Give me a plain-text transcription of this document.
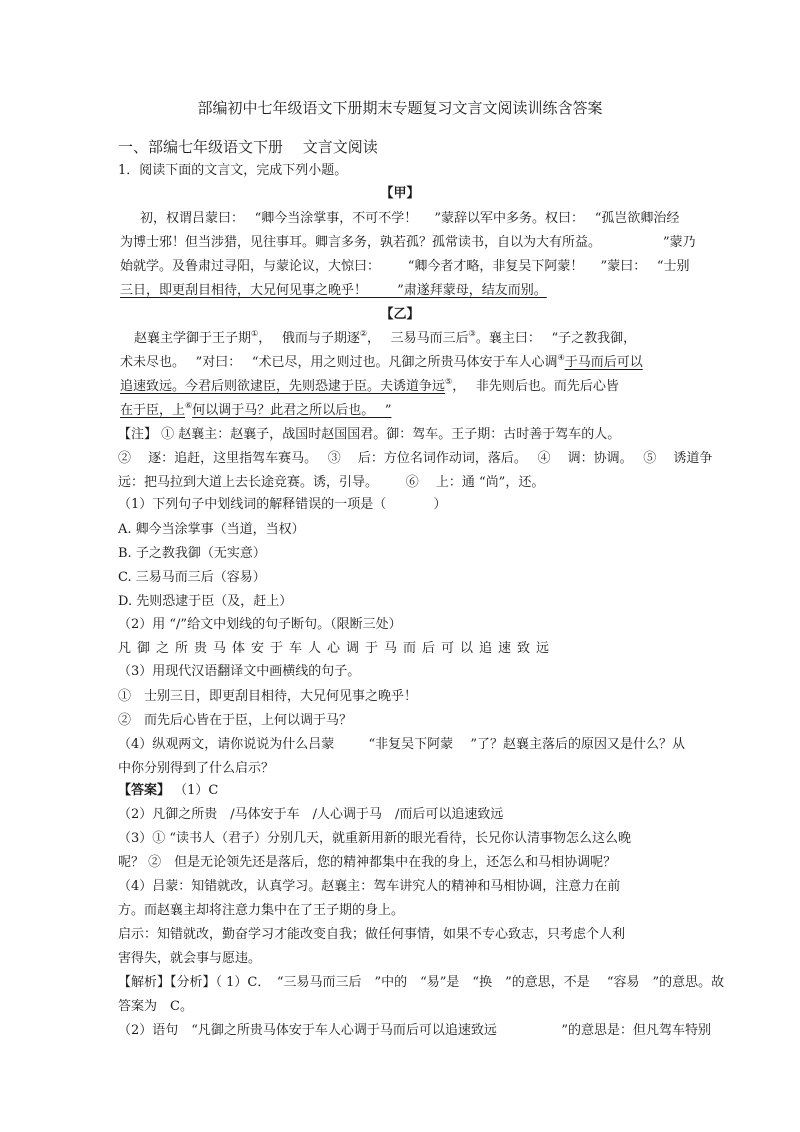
部编初中七年级语文下册期末专题复习文言文阅读训练含答案
一、部编七年级语文下册　 文言文阅读
1．阅读下面的文言文，完成下列小题。
【甲】
初，权谓吕蒙曰：　 “卿今当涂掌事，不可不学！　 ”蒙辞以军中多务。权曰：　 “孤岂欲卿治经
为博士邪！但当涉猎，见往事耳。卿言多务，孰若孤？孤常读书，自以为大有所益。　 　 　 　 ”蒙乃
始就学。及鲁肃过寻阳，与蒙论议，大惊曰：　 　 “卿今者才略，非复吴下阿蒙！　 ”蒙曰：　 “士别
三日，即更刮目相待，大兄何见事之晚乎！　　 ”肃遂拜蒙母，结友而别。
【乙】
赵襄主学御于王子期①，　 俄而与子期逐②，　 三易马而三后③。襄主曰：　 “子之教我御，
术未尽也。　 ”对曰：　 “术已尽，用之则过也。凡御之所贵马体安于车人心调④于马而后可以
追速致远。今君后则欲逮臣，先则恐逮于臣。夫诱道争远⑤，　 非先则后也。而先后心皆
在于臣，上⑥何以调于马？此君之所以后也。　 ”
【注】 ① 赵襄主：赵襄子，战国时赵国国君。御：驾车。王子期：古时善于驾车的人。
②　 逐：追赶，这里指驾车赛马。　 ③　 后：方位名词作动词，落后。　 ④　 调：协调。　 ⑤　 诱道争
远：把马拉到大道上去长途竞赛。诱，引导。　 　 ⑥　 上：通 “尚”，还。
（1）下列句子中划线词的解释错误的一项是（　　 　 ）
A. 卿今当涂掌事（当道，当权）
B. 子之教我御（无实意）
C. 三易马而三后（容易）
D. 先则恐逮于臣（及，赶上）
（2）用 “/”给文中划线的句子断句。（限断三处）
凡御之所贵马体安于车人心调于马而后可以追速致远
（3）用现代汉语翻译文中画横线的句子。
①　士别三日，即更刮目相待，大兄何见事之晚乎！
②　而先后心皆在于臣，上何以调于马？
（4）纵观两文，请你说说为什么吕蒙　 　 “非复吴下阿蒙　 ”了？赵襄主落后的原因又是什么？从
中你分别得到了什么启示？
【答案】 （1）C
（2）凡御之所贵　/马体安于车　/人心调于马　/而后可以追速致远
（3）① “读书人（君子）分别几天，就重新用新的眼光看待，长兄你认清事物怎么这么晚
呢？ ②　但是无论领先还是落后，您的精神都集中在我的身上，还怎么和马相协调呢？
（4）吕蒙：知错就改，认真学习。赵襄主：驾车讲究人的精神和马相协调，注意力在前
方。而赵襄主却将注意力集中在了王子期的身上。
启示：知错就改，勤奋学习才能改变自我；做任何事情，如果不专心致志，只考虑个人利
害得失，就会事与愿违。
【解析】【分析】（ 1）C．　“三易马而三后　”中的　“易”是　“换　”的意思，不是　 “容易　”的意思。故
答案为　C。
（2）语句　“凡御之所贵马体安于车人心调于马而后可以追速致远　　 　 　 ”的意思是：但凡驾车特别
